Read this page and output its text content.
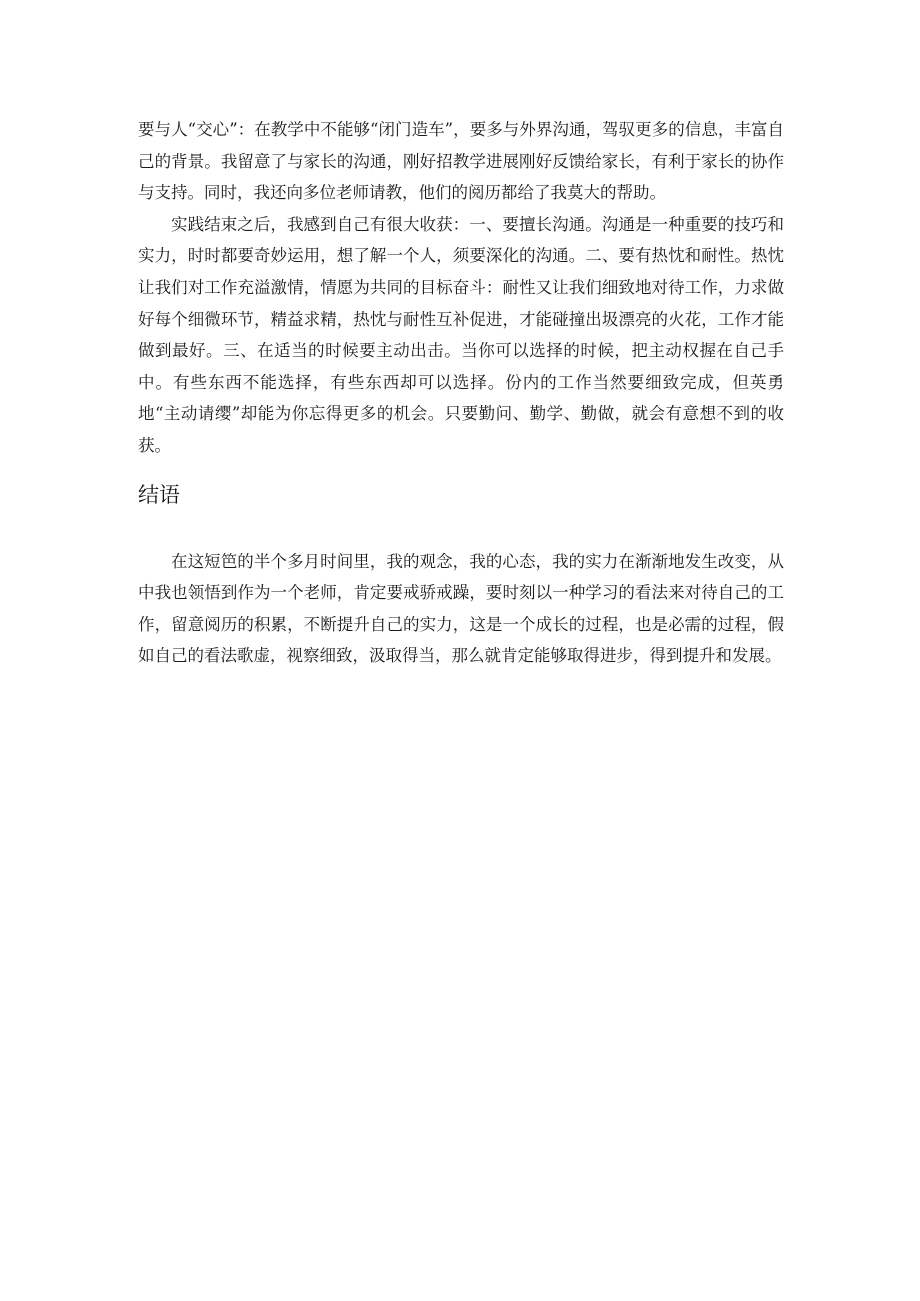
要与人“交心”：在教学中不能够“闭门造车”，要多与外界沟通，驾驭更多的信息，丰富自己的背景。我留意了与家长的沟通，刚好招教学进展刚好反馈给家长，有利于家长的协作与支持。同时，我还向多位老师请教，他们的阅历都给了我莫大的帮助。

实践结束之后，我感到自己有很大收获：一、要擅长沟通。沟通是一种重要的技巧和实力，时时都要奇妙运用，想了解一个人，须要深化的沟通。二、要有热忱和耐性。热忱让我们对工作充溢激情，情愿为共同的目标奋斗：耐性又让我们细致地对待工作，力求做好每个细微环节，精益求精，热忱与耐性互补促进，才能碰撞出圾漂亮的火花，工作才能做到最好。三、在适当的时候要主动出击。当你可以选择的时候，把主动权握在自己手中。有些东西不能选择，有些东西却可以选择。份内的工作当然要细致完成，但英勇地“主动请缨”却能为你忘得更多的机会。只要勤问、勤学、勤做，就会有意想不到的收获。

结语

在这短笆的半个多月时间里，我的观念，我的心态，我的实力在渐渐地发生改变，从中我也领悟到作为一个老师，肯定要戒骄戒躁，要时刻以一种学习的看法来对待自己的工作，留意阅历的积累，不断提升自己的实力，这是一个成长的过程，也是必需的过程，假如自己的看法歌虚，视察细致，汲取得当，那么就肯定能够取得进步，得到提升和发展。
